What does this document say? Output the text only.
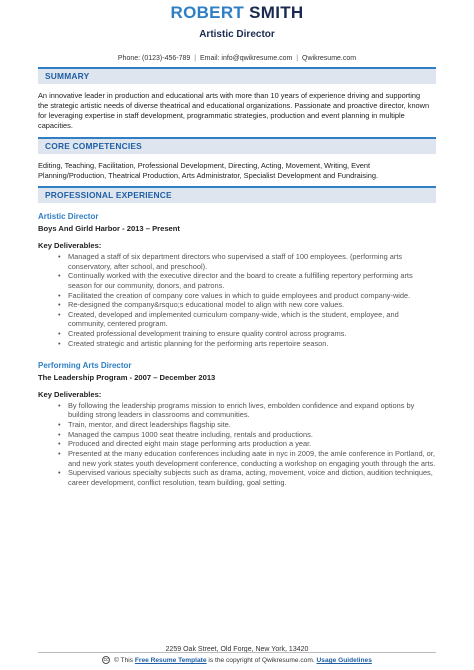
ROBERT SMITH
Artistic Director
Phone: (0123)-456-789 | Email: info@qwikresume.com | Qwikresume.com
SUMMARY
An innovative leader in production and educational arts with more than 10 years of experience driving and supporting the strategic artistic needs of diverse theatrical and educational organizations. Passionate and proactive director, known for leveraging expertise in staff development, programmatic strategies, production and event planning in multiple capacities.
CORE COMPETENCIES
Editing, Teaching, Facilitation, Professional Development, Directing, Acting, Movement, Writing, Event Planning/Production, Theatrical Production, Arts Administrator, Specialist Development and Fundraising.
PROFESSIONAL EXPERIENCE
Artistic Director
Boys And Girld Harbor - 2013 – Present
Key Deliverables:
• Managed a staff of six department directors who supervised a staff of 100 employees. (performing arts conservatory, after school, and preschool).
• Continually worked with the executive director and the board to create a fulfilling repertory performing arts season for our community, donors, and patrons.
• Facilitated the creation of company core values in which to guide employees and product company-wide.
• Re-designed the company&rsquo;s educational model to align with new core values.
• Created, developed and implemented curriculum company-wide, which is the student, employee, and community, centered program.
• Created professional development training to ensure quality control across programs.
• Created strategic and artistic planning for the performing arts repertoire season.
Performing Arts Director
The Leadership Program - 2007 – December 2013
Key Deliverables:
• By following the leadership programs mission to enrich lives, embolden confidence and expand options by building strong leaders in classrooms and communities.
• Train, mentor, and direct leaderships flagship site.
• Managed the campus 1000 seat theatre including, rentals and productions.
• Produced and directed eight main stage performing arts production a year.
• Presented at the many education conferences including aate in nyc in 2009, the amle conference in Portland, or, and new york states youth development conference, conducting a workshop on engaging youth through the arts.
• Supervised various specialty subjects such as drama, acting, movement, voice and diction, audition techniques, career development, conflict resolution, team building, goal setting.
2259 Oak Street, Old Forge, New York, 13420
cc © This Free Resume Template is the copyright of Qwikresume.com. Usage Guidelines
